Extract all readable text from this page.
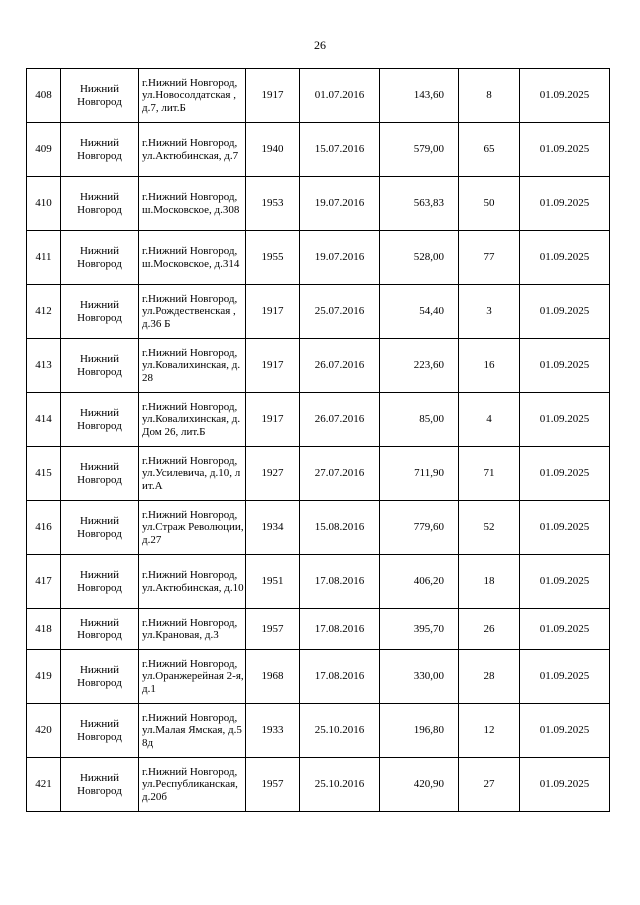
26
408	Нижний Новгород	г.Нижний Новгород, ул.Новосолдатская , д.7, лит.Б	1917	01.07.2016	143,60	8	01.09.2025
409	Нижний Новгород	г.Нижний Новгород, ул.Актюбинская, д.7	1940	15.07.2016	579,00	65	01.09.2025
410	Нижний Новгород	г.Нижний Новгород, ш.Московское, д.308	1953	19.07.2016	563,83	50	01.09.2025
411	Нижний Новгород	г.Нижний Новгород, ш.Московское, д.314	1955	19.07.2016	528,00	77	01.09.2025
412	Нижний Новгород	г.Нижний Новгород, ул.Рождественская , д.36 Б	1917	25.07.2016	54,40	3	01.09.2025
413	Нижний Новгород	г.Нижний Новгород, ул.Ковалихинская, д.28	1917	26.07.2016	223,60	16	01.09.2025
414	Нижний Новгород	г.Нижний Новгород, ул.Ковалихинская, д.Дом 26, лит.Б	1917	26.07.2016	85,00	4	01.09.2025
415	Нижний Новгород	г.Нижний Новгород, ул.Усилевича, д.10, лит.А	1927	27.07.2016	711,90	71	01.09.2025
416	Нижний Новгород	г.Нижний Новгород, ул.Страж Революции, д.27	1934	15.08.2016	779,60	52	01.09.2025
417	Нижний Новгород	г.Нижний Новгород, ул.Актюбинская, д.10	1951	17.08.2016	406,20	18	01.09.2025
418	Нижний Новгород	г.Нижний Новгород, ул.Крановая, д.3	1957	17.08.2016	395,70	26	01.09.2025
419	Нижний Новгород	г.Нижний Новгород, ул.Оранжерейная 2-я, д.1	1968	17.08.2016	330,00	28	01.09.2025
420	Нижний Новгород	г.Нижний Новгород, ул.Малая Ямская, д.58д	1933	25.10.2016	196,80	12	01.09.2025
421	Нижний Новгород	г.Нижний Новгород, ул.Республиканская, д.20б	1957	25.10.2016	420,90	27	01.09.2025
